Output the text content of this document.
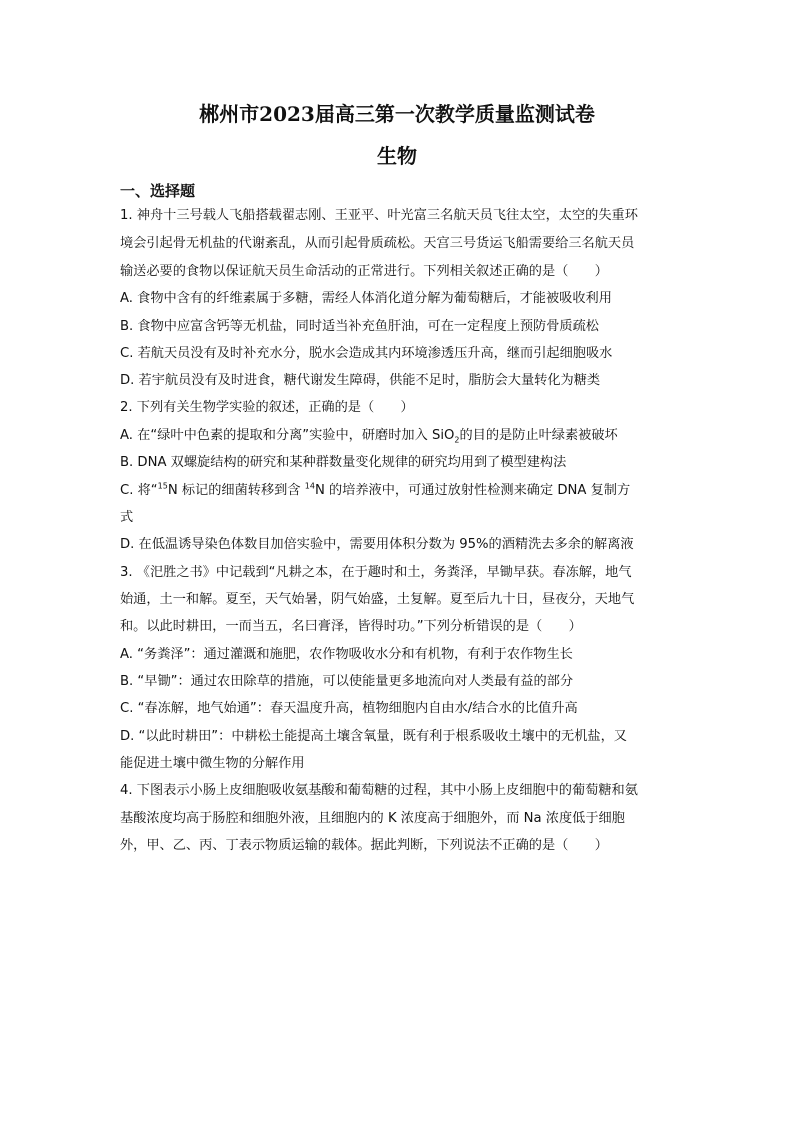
郴州市2023届高三第一次教学质量监测试卷
生物
一、选择题
1. 神舟十三号载人飞船搭载翟志刚、王亚平、叶光富三名航天员飞往太空，太空的失重环
境会引起骨无机盐的代谢紊乱，从而引起骨质疏松。天宫三号货运飞船需要给三名航天员
输送必要的食物以保证航天员生命活动的正常进行。下列相关叙述正确的是（　　）
A. 食物中含有的纤维素属于多糖，需经人体消化道分解为葡萄糖后，才能被吸收利用
B. 食物中应富含钙等无机盐，同时适当补充鱼肝油，可在一定程度上预防骨质疏松
C. 若航天员没有及时补充水分，脱水会造成其内环境渗透压升高，继而引起细胞吸水
D. 若宇航员没有及时进食，糖代谢发生障碍，供能不足时，脂肪会大量转化为糖类
2. 下列有关生物学实验的叙述，正确的是（　　）
A. 在“绿叶中色素的提取和分离”实验中，研磨时加入 SiO$_2$的目的是防止叶绿素被破坏
B. DNA 双螺旋结构的研究和某种群数量变化规律的研究均用到了模型建构法
C. 将“$^{15}$N 标记的细菌转移到含 $^{14}$N 的培养液中，可通过放射性检测来确定 DNA 复制方
式
D. 在低温诱导染色体数目加倍实验中，需要用体积分数为 95%的酒精洗去多余的解离液
3. 《汜胜之书》中记载到“凡耕之本，在于趣时和土，务粪泽，早锄早获。春冻解，地气
始通，土一和解。夏至，天气始暑，阴气始盛，土复解。夏至后九十日，昼夜分，天地气
和。以此时耕田，一而当五，名曰膏泽，皆得时功。”下列分析错误的是（　　）
A. “务粪泽”：通过灌溉和施肥，农作物吸收水分和有机物，有利于农作物生长
B. “早锄”：通过农田除草的措施，可以使能量更多地流向对人类最有益的部分
C. “春冻解，地气始通”：春天温度升高，植物细胞内自由水/结合水的比值升高
D. “以此时耕田”：中耕松土能提高土壤含氧量，既有利于根系吸收土壤中的无机盐，又
能促进土壤中微生物的分解作用
4. 下图表示小肠上皮细胞吸收氨基酸和葡萄糖的过程，其中小肠上皮细胞中的葡萄糖和氨
基酸浓度均高于肠腔和细胞外液，且细胞内的 K 浓度高于细胞外，而 Na 浓度低于细胞
外，甲、乙、丙、丁表示物质运输的载体。据此判断，下列说法不正确的是（　　）
